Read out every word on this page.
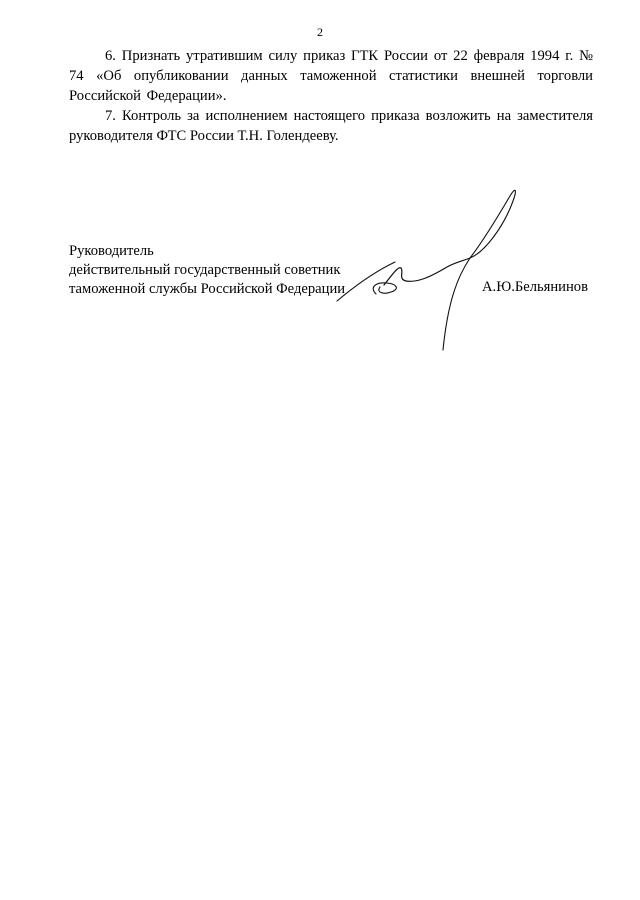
2

6. Признать утратившим силу приказ ГТК России от 22 февраля 1994 г. № 74 «Об опубликовании данных таможенной статистики внешней торговли Российской Федерации».

7. Контроль за исполнением настоящего приказа возложить на заместителя руководителя ФТС России Т.Н. Голендееву.

Руководитель
действительный государственный советник
таможенной службы Российской Федерации	А.Ю.Бельянинов
